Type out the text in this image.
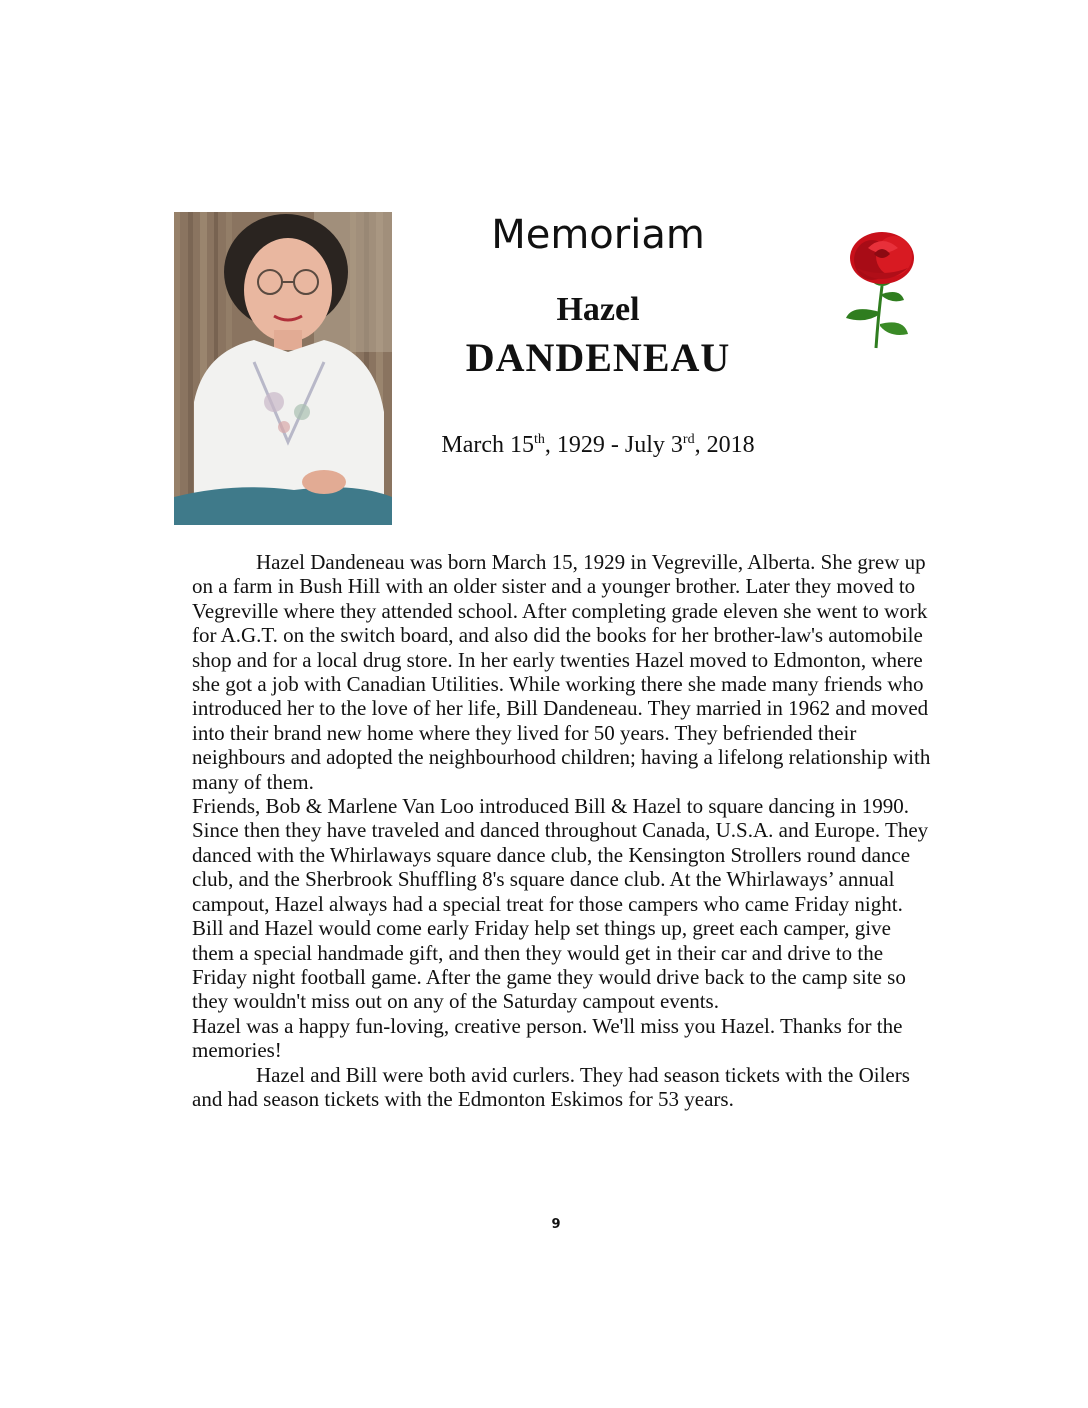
Memoriam
Hazel
DANDENEAU
March 15th, 1929 - July 3rd, 2018

Hazel Dandeneau was born March 15, 1929 in Vegreville, Alberta. She grew up on a farm in Bush Hill with an older sister and a younger brother. Later they moved to Vegreville where they attended school. After completing grade eleven she went to work for A.G.T. on the switch board, and also did the books for her brother-law's automobile shop and for a local drug store. In her early twenties Hazel moved to Edmonton, where she got a job with Canadian Utilities. While working there she made many friends who introduced her to the love of her life, Bill Dandeneau. They married in 1962 and moved into their brand new home where they lived for 50 years. They befriended their neighbours and adopted the neighbourhood children; having a lifelong relationship with many of them.

Friends, Bob & Marlene Van Loo introduced Bill & Hazel to square dancing in 1990. Since then they have traveled and danced throughout Canada, U.S.A. and Europe. They danced with the Whirlaways square dance club, the Kensington Strollers round dance club, and the Sherbrook Shuffling 8's square dance club. At the Whirlaways’ annual campout, Hazel always had a special treat for those campers who came Friday night. Bill and Hazel would come early Friday help set things up, greet each camper, give them a special handmade gift, and then they would get in their car and drive to the Friday night football game. After the game they would drive back to the camp site so they wouldn't miss out on any of the Saturday campout events.

Hazel was a happy fun-loving, creative person. We'll miss you Hazel. Thanks for the memories!

Hazel and Bill were both avid curlers. They had season tickets with the Oilers and had season tickets with the Edmonton Eskimos for 53 years.

9
